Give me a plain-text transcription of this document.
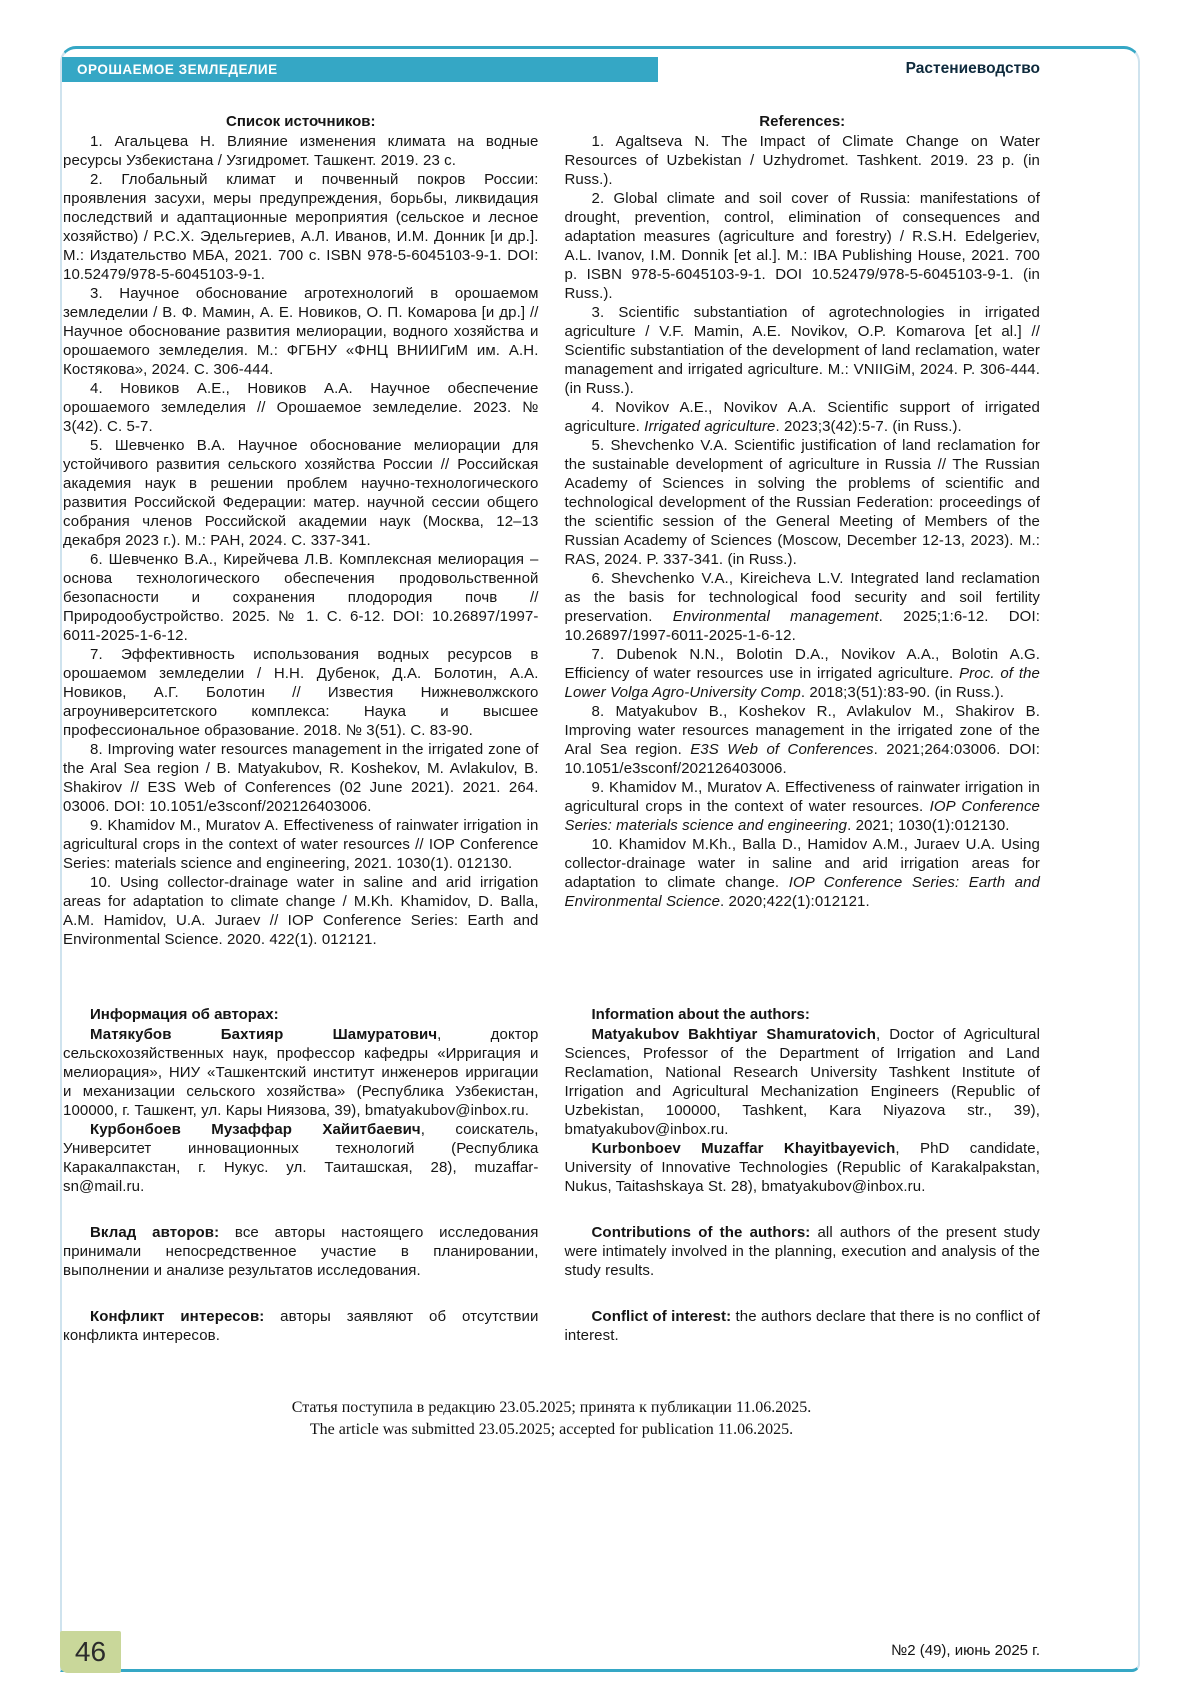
ОРОШАЕМОЕ ЗЕМЛЕДЕЛИЕ	Растениеводство
Список источников:

1. Агальцева Н. Влияние изменения климата на водные ресурсы Узбекистана / Узгидромет. Ташкент. 2019. 23 с.

2. Глобальный климат и почвенный покров России: проявления засухи, меры предупреждения, борьбы, ликвидация последствий и адаптационные мероприятия (сельское и лесное хозяйство) / Р.С.Х. Эдельгериев, А.Л. Иванов, И.М. Донник [и др.]. М.: Издательство МБА, 2021. 700 с. ISBN 978-5-6045103-9-1. DOI: 10.52479/978-5-6045103-9-1.

3. Научное обоснование агротехнологий в орошаемом земледелии / В. Ф. Мамин, А. Е. Новиков, О. П. Комарова [и др.] // Научное обоснование развития мелиорации, водного хозяйства и орошаемого земледелия. М.: ФГБНУ «ФНЦ ВНИИГиМ им. А.Н. Костякова», 2024. С. 306-444.

4. Новиков А.Е., Новиков А.А. Научное обеспечение орошаемого земледелия // Орошаемое земледелие. 2023. № 3(42). С. 5-7.

5. Шевченко В.А. Научное обоснование мелиорации для устойчивого развития сельского хозяйства России // Российская академия наук в решении проблем научно-технологического развития Российской Федерации: матер. научной сессии общего собрания членов Российской академии наук (Москва, 12–13 декабря 2023 г.). М.: РАН, 2024. С. 337-341.

6. Шевченко В.А., Кирейчева Л.В. Комплексная мелиорация – основа технологического обеспечения продовольственной безопасности и сохранения плодородия почв // Природообустройство. 2025. № 1. С. 6-12. DOI: 10.26897/1997-6011-2025-1-6-12.

7. Эффективность использования водных ресурсов в орошаемом земледелии / Н.Н. Дубенок, Д.А. Болотин, А.А. Новиков, А.Г. Болотин // Известия Нижневолжского агроуниверситетского комплекса: Наука и высшее профессиональное образование. 2018. № 3(51). С. 83-90.

8. Improving water resources management in the irrigated zone of the Aral Sea region / B. Matyakubov, R. Koshekov, M. Avlakulov, B. Shakirov // E3S Web of Conferences (02 June 2021). 2021. 264. 03006. DOI: 10.1051/e3sconf/202126403006.

9. Khamidov M., Muratov A. Effectiveness of rainwater irrigation in agricultural crops in the context of water resources // IOP Conference Series: materials science and engineering, 2021. 1030(1). 012130.

10. Using collector-drainage water in saline and arid irrigation areas for adaptation to climate change / M.Kh. Khamidov, D. Balla, A.M. Hamidov, U.A. Juraev // IOP Conference Series: Earth and Environmental Science. 2020. 422(1). 012121.

References:

1. Agaltseva N. The Impact of Climate Change on Water Resources of Uzbekistan / Uzhydromet. Tashkent. 2019. 23 p. (in Russ.).

2. Global climate and soil cover of Russia: manifestations of drought, prevention, control, elimination of consequences and adaptation measures (agriculture and forestry) / R.S.H. Edelgeriev, A.L. Ivanov, I.M. Donnik [et al.]. M.: IBA Publishing House, 2021. 700 p. ISBN 978-5-6045103-9-1. DOI 10.52479/978-5-6045103-9-1. (in Russ.).

3. Scientific substantiation of agrotechnologies in irrigated agriculture / V.F. Mamin, A.E. Novikov, O.P. Komarova [et al.] // Scientific substantiation of the development of land reclamation, water management and irrigated agriculture. M.: VNIIGiM, 2024. P. 306-444. (in Russ.).

4. Novikov A.E., Novikov A.A. Scientific support of irrigated agriculture. Irrigated agriculture. 2023;3(42):5-7. (in Russ.).

5. Shevchenko V.A. Scientific justification of land reclamation for the sustainable development of agriculture in Russia // The Russian Academy of Sciences in solving the problems of scientific and technological development of the Russian Federation: proceedings of the scientific session of the General Meeting of Members of the Russian Academy of Sciences (Moscow, December 12-13, 2023). M.: RAS, 2024. P. 337-341. (in Russ.).

6. Shevchenko V.A., Kireicheva L.V. Integrated land reclamation as the basis for technological food security and soil fertility preservation. Environmental management. 2025;1:6-12. DOI: 10.26897/1997-6011-2025-1-6-12.

7. Dubenok N.N., Bolotin D.A., Novikov A.A., Bolotin A.G. Efficiency of water resources use in irrigated agriculture. Proc. of the Lower Volga Agro-University Comp. 2018;3(51):83-90. (in Russ.).

8. Matyakubov B., Koshekov R., Avlakulov M., Shakirov B. Improving water resources management in the irrigated zone of the Aral Sea region. E3S Web of Conferences. 2021;264:03006. DOI: 10.1051/e3sconf/202126403006.

9. Khamidov M., Muratov A. Effectiveness of rainwater irrigation in agricultural crops in the context of water resources. IOP Conference Series: materials science and engineering. 2021; 1030(1):012130.

10. Khamidov M.Kh., Balla D., Hamidov A.M., Juraev U.A. Using collector-drainage water in saline and arid irrigation areas for adaptation to climate change. IOP Conference Series: Earth and Environmental Science. 2020;422(1):012121.

Информация об авторах:

Матякубов Бахтияр Шамуратович, доктор сельскохозяйственных наук, профессор кафедры «Ирригация и мелиорация», НИУ «Ташкентский институт инженеров ирригации и механизации сельского хозяйства» (Республика Узбекистан, 100000, г. Ташкент, ул. Кары Ниязова, 39), bmatyakubov@inbox.ru.

Курбонбоев Музаффар Хайитбаевич, соискатель, Университет инновационных технологий (Республика Каракалпакстан, г. Нукус. ул. Таиташская, 28), muzaffar-sn@mail.ru.

Information about the authors:

Matyakubov Bakhtiyar Shamuratovich, Doctor of Agricultural Sciences, Professor of the Department of Irrigation and Land Reclamation, National Research University Tashkent Institute of Irrigation and Agricultural Mechanization Engineers (Republic of Uzbekistan, 100000, Tashkent, Kara Niyazova str., 39), bmatyakubov@inbox.ru.

Kurbonboev Muzaffar Khayitbayevich, PhD candidate, University of Innovative Technologies (Republic of Karakalpakstan, Nukus, Taitashskaya St. 28), bmatyakubov@inbox.ru.

Вклад авторов: все авторы настоящего исследования принимали непосредственное участие в планировании, выполнении и анализе результатов исследования.

Contributions of the authors: all authors of the present study were intimately involved in the planning, execution and analysis of the study results.

Конфликт интересов: авторы заявляют об отсутствии конфликта интересов.

Conflict of interest: the authors declare that there is no conflict of interest.

Статья поступила в редакцию 23.05.2025; принята к публикации 11.06.2025.

The article was submitted 23.05.2025; accepted for publication 11.06.2025.

46	№2 (49), июнь 2025 г.
